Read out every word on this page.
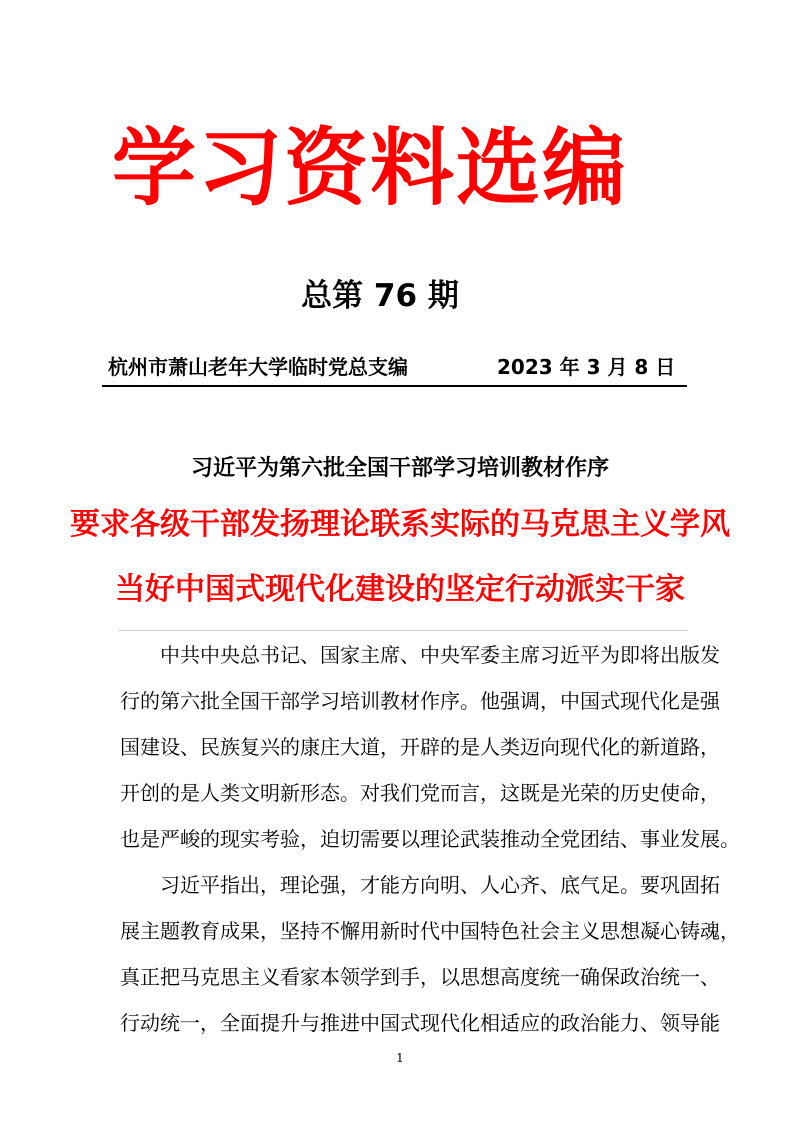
学习资料选编
总第 76 期
杭州市萧山老年大学临时党总支编	2023 年 3 月 8 日
习近平为第六批全国干部学习培训教材作序
要求各级干部发扬理论联系实际的马克思主义学风
当好中国式现代化建设的坚定行动派实干家
中共中央总书记、国家主席、中央军委主席习近平为即将出版发
行的第六批全国干部学习培训教材作序。他强调，中国式现代化是强
国建设、民族复兴的康庄大道，开辟的是人类迈向现代化的新道路，
开创的是人类文明新形态。对我们党而言，这既是光荣的历史使命，
也是严峻的现实考验，迫切需要以理论武装推动全党团结、事业发展。
习近平指出，理论强，才能方向明、人心齐、底气足。要巩固拓
展主题教育成果，坚持不懈用新时代中国特色社会主义思想凝心铸魂，
真正把马克思主义看家本领学到手，以思想高度统一确保政治统一、
行动统一，全面提升与推进中国式现代化相适应的政治能力、领导能
1
